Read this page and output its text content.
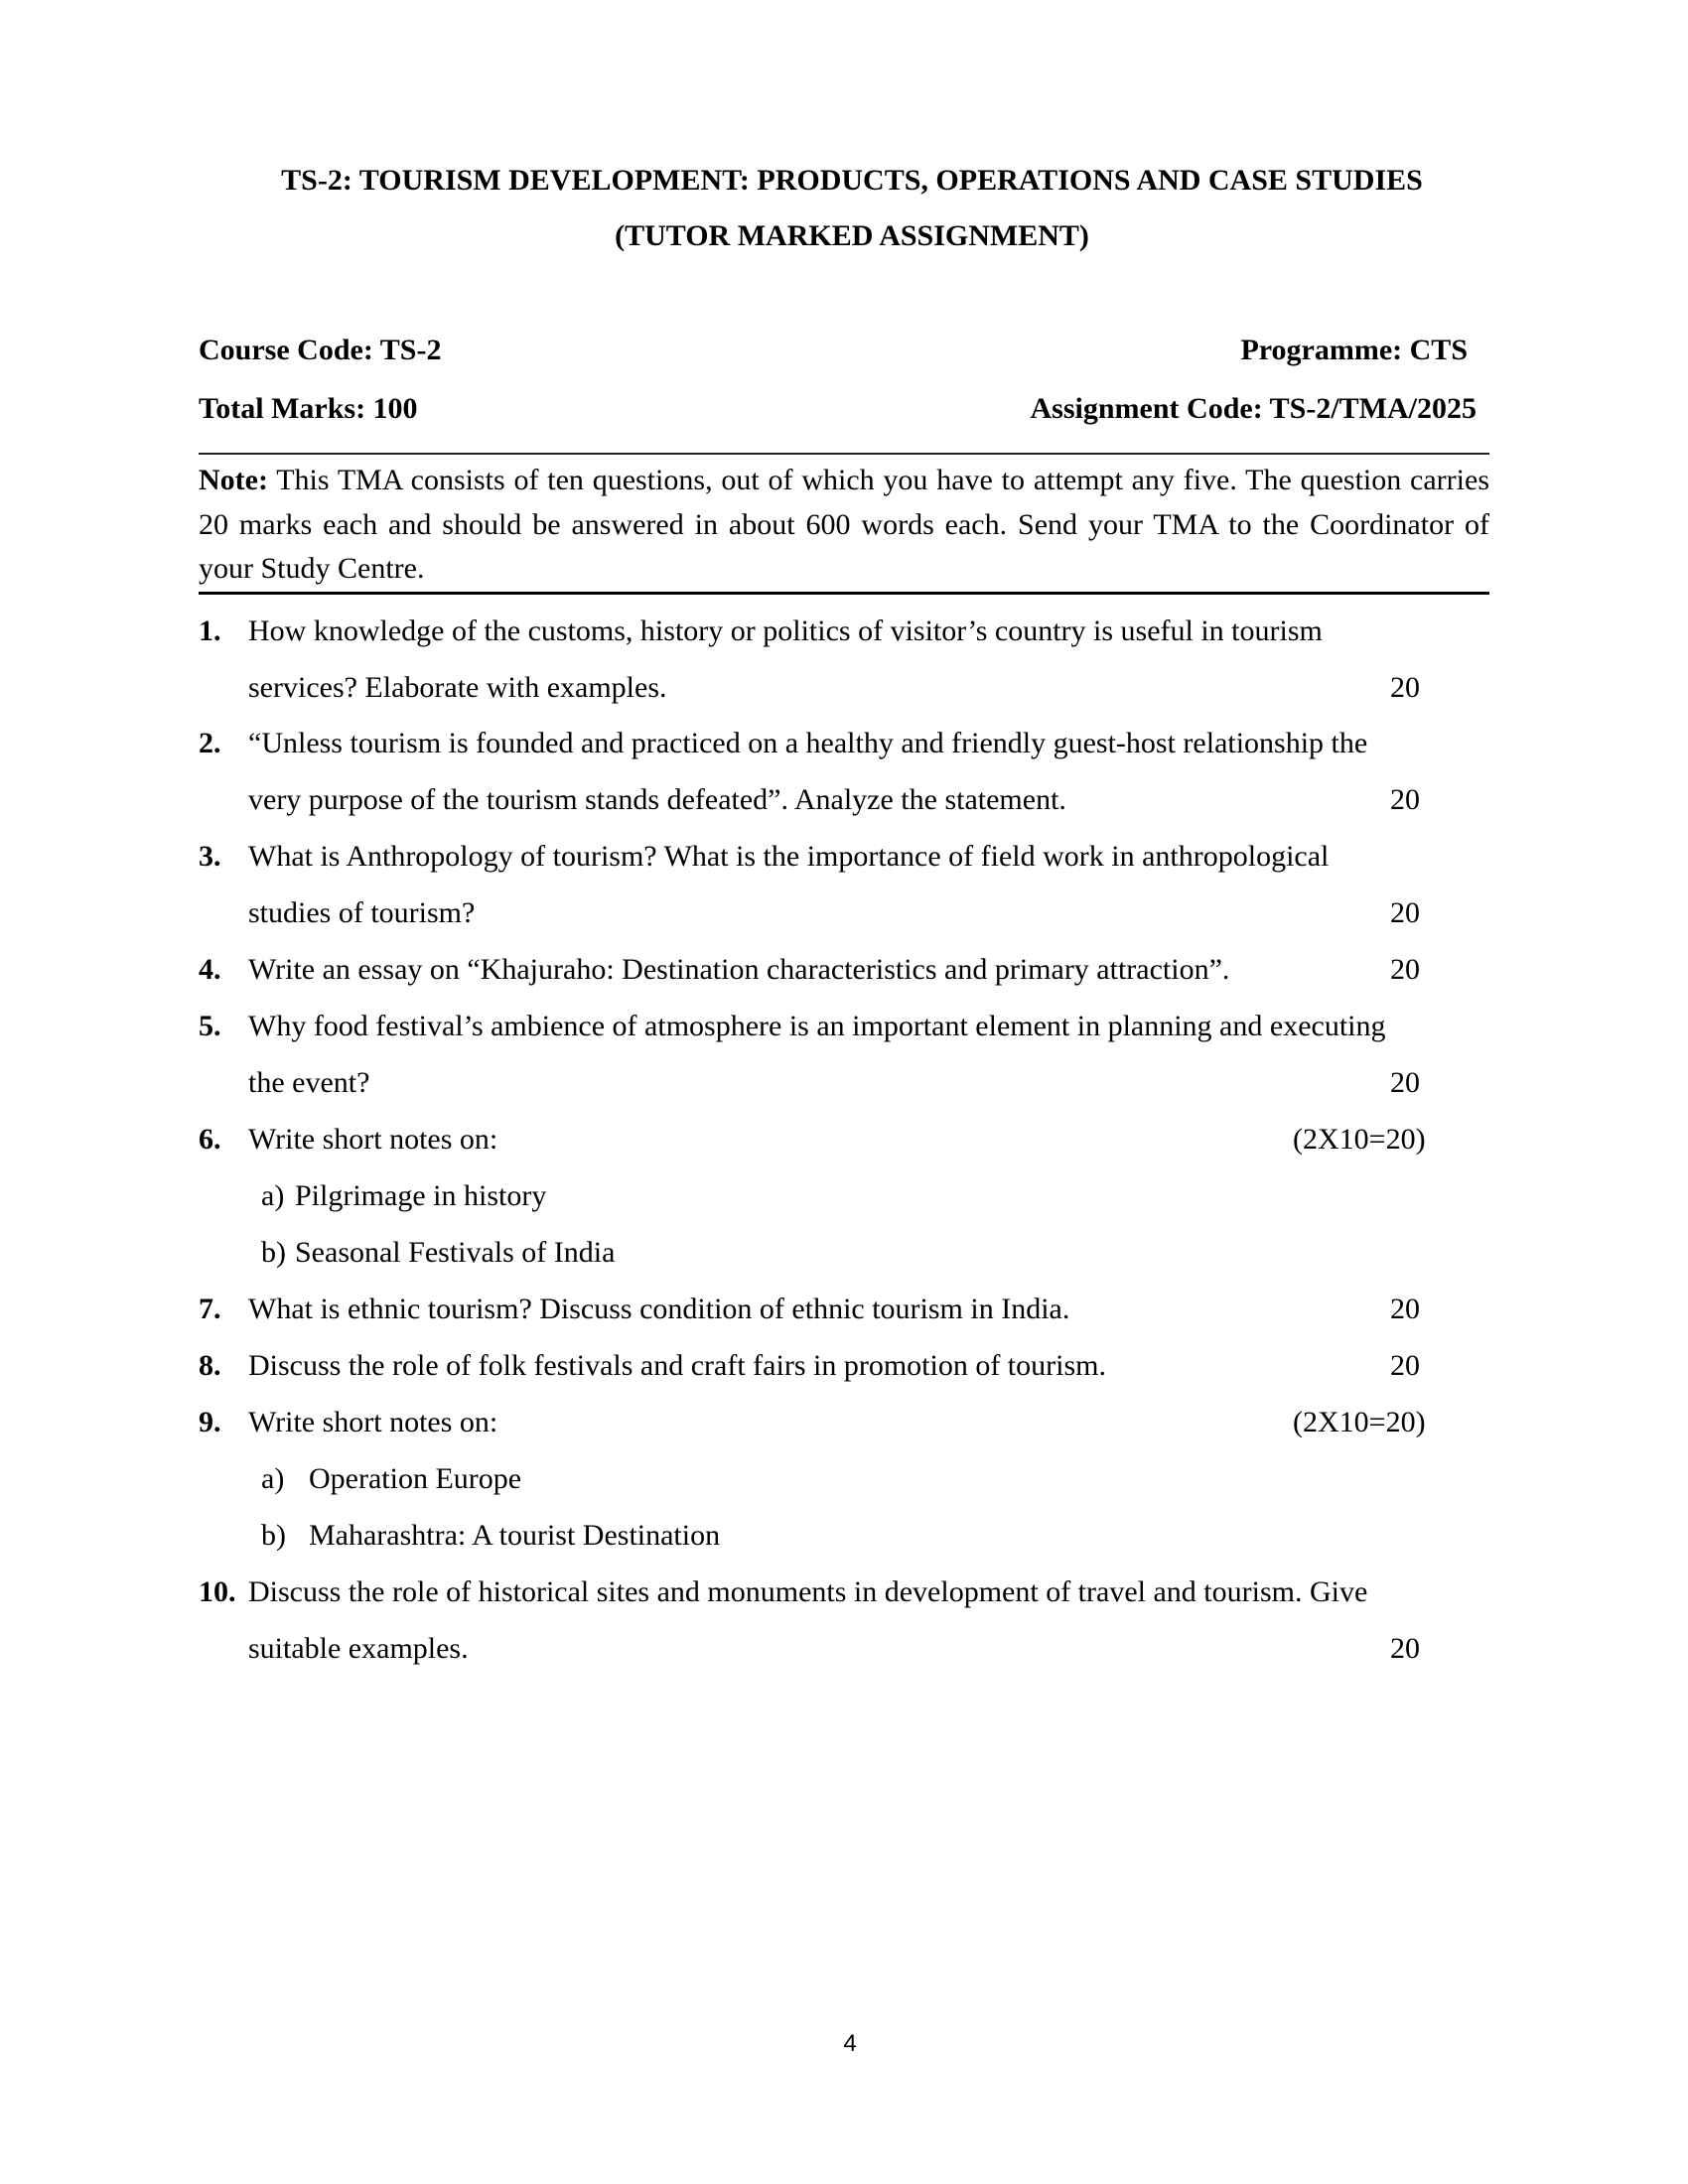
TS-2: TOURISM DEVELOPMENT: PRODUCTS, OPERATIONS AND CASE STUDIES
(TUTOR MARKED ASSIGNMENT)
Course Code: TS-2	Programme: CTS
Total Marks: 100	Assignment Code: TS-2/TMA/2025
Note: This TMA consists of ten questions, out of which you have to attempt any five. The question carries 20 marks each and should be answered in about 600 words each. Send your TMA to the Coordinator of your Study Centre.
1. How knowledge of the customs, history or politics of visitor’s country is useful in tourism
services? Elaborate with examples.	20
2. “Unless tourism is founded and practiced on a healthy and friendly guest-host relationship the
very purpose of the tourism stands defeated”. Analyze the statement.	20
3. What is Anthropology of tourism? What is the importance of field work in anthropological
studies of tourism?	20
4. Write an essay on “Khajuraho: Destination characteristics and primary attraction”.	20
5. Why food festival’s ambience of atmosphere is an important element in planning and executing
the event?	20
6. Write short notes on:	(2X10=20)
a) Pilgrimage in history
b) Seasonal Festivals of India
7. What is ethnic tourism? Discuss condition of ethnic tourism in India.	20
8. Discuss the role of folk festivals and craft fairs in promotion of tourism.	20
9. Write short notes on:	(2X10=20)
a) Operation Europe
b) Maharashtra: A tourist Destination
10. Discuss the role of historical sites and monuments in development of travel and tourism. Give
suitable examples.	20
4
